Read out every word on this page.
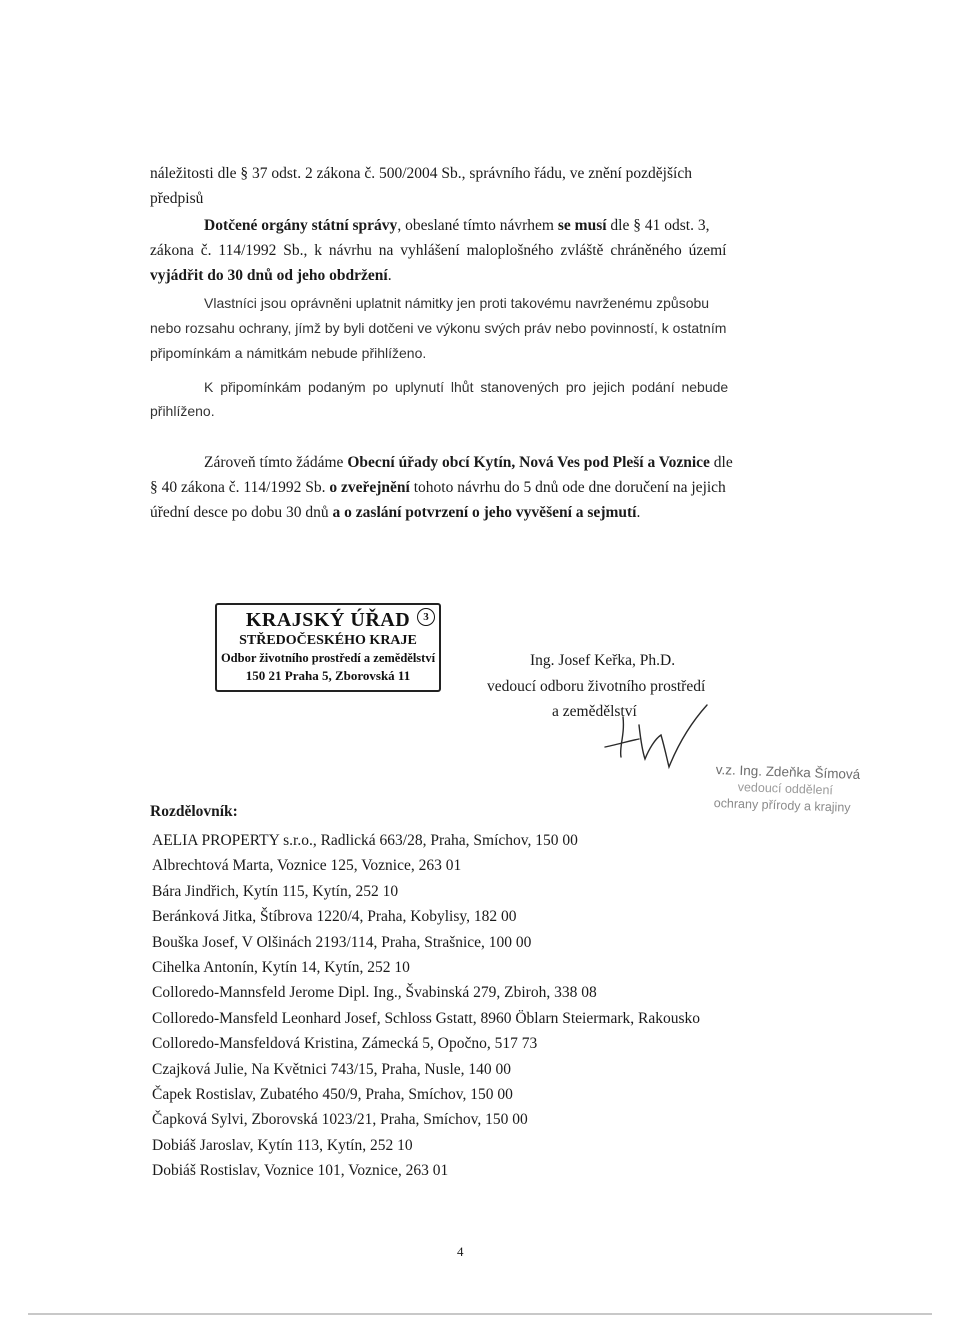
náležitosti dle § 37 odst. 2 zákona č. 500/2004 Sb., správního řádu, ve znění pozdějších
předpisů
Dotčené orgány státní správy, obeslané tímto návrhem se musí dle § 41 odst. 3,
zákona č. 114/1992 Sb., k návrhu na vyhlášení maloplošného zvláště chráněného území
vyjádřit do 30 dnů od jeho obdržení.
Vlastníci jsou oprávněni uplatnit námitky jen proti takovému navrženému způsobu
nebo rozsahu ochrany, jímž by byli dotčeni ve výkonu svých práv nebo povinností, k ostatním
připomínkám a námitkám nebude přihlíženo.
K připomínkám podaným po uplynutí lhůt stanovených pro jejich podání nebude
přihlíženo.
Zároveň tímto žádáme Obecní úřady obcí Kytín, Nová Ves pod Pleší a Voznice dle
§ 40 zákona č. 114/1992 Sb. o zveřejnění tohoto návrhu do 5 dnů ode dne doručení na jejich
úřední desce po dobu 30 dnů a o zaslání potvrzení o jeho vyvěšení a sejmutí.
KRAJSKÝ ÚŘAD	3
STŘEDOČESKÉHO KRAJE
Odbor životního prostředí a zemědělství
150 21 Praha 5, Zborovská 11
Ing. Josef Keřka, Ph.D.
vedoucí odboru životního prostředí
a zemědělství
v.z. Ing. Zdeňka Šímová
vedoucí oddělení
ochrany přírody a krajiny
Rozdělovník:
AELIA PROPERTY s.r.o., Radlická 663/28, Praha, Smíchov, 150 00
Albrechtová Marta, Voznice 125, Voznice, 263 01
Bára Jindřich, Kytín 115, Kytín, 252 10
Beránková Jitka, Štíbrova 1220/4, Praha, Kobylisy, 182 00
Bouška Josef, V Olšinách 2193/114, Praha, Strašnice, 100 00
Cihelka Antonín, Kytín 14, Kytín, 252 10
Colloredo-Mannsfeld Jerome Dipl. Ing., Švabinská 279, Zbiroh, 338 08
Colloredo-Mansfeld Leonhard Josef, Schloss Gstatt, 8960 Öblarn Steiermark, Rakousko
Colloredo-Mansfeldová Kristina, Zámecká 5, Opočno, 517 73
Czajková Julie, Na Květnici 743/15, Praha, Nusle, 140 00
Čapek Rostislav, Zubatého 450/9, Praha, Smíchov, 150 00
Čapková Sylvi, Zborovská 1023/21, Praha, Smíchov, 150 00
Dobiáš Jaroslav, Kytín 113, Kytín, 252 10
Dobiáš Rostislav, Voznice 101, Voznice, 263 01
4
